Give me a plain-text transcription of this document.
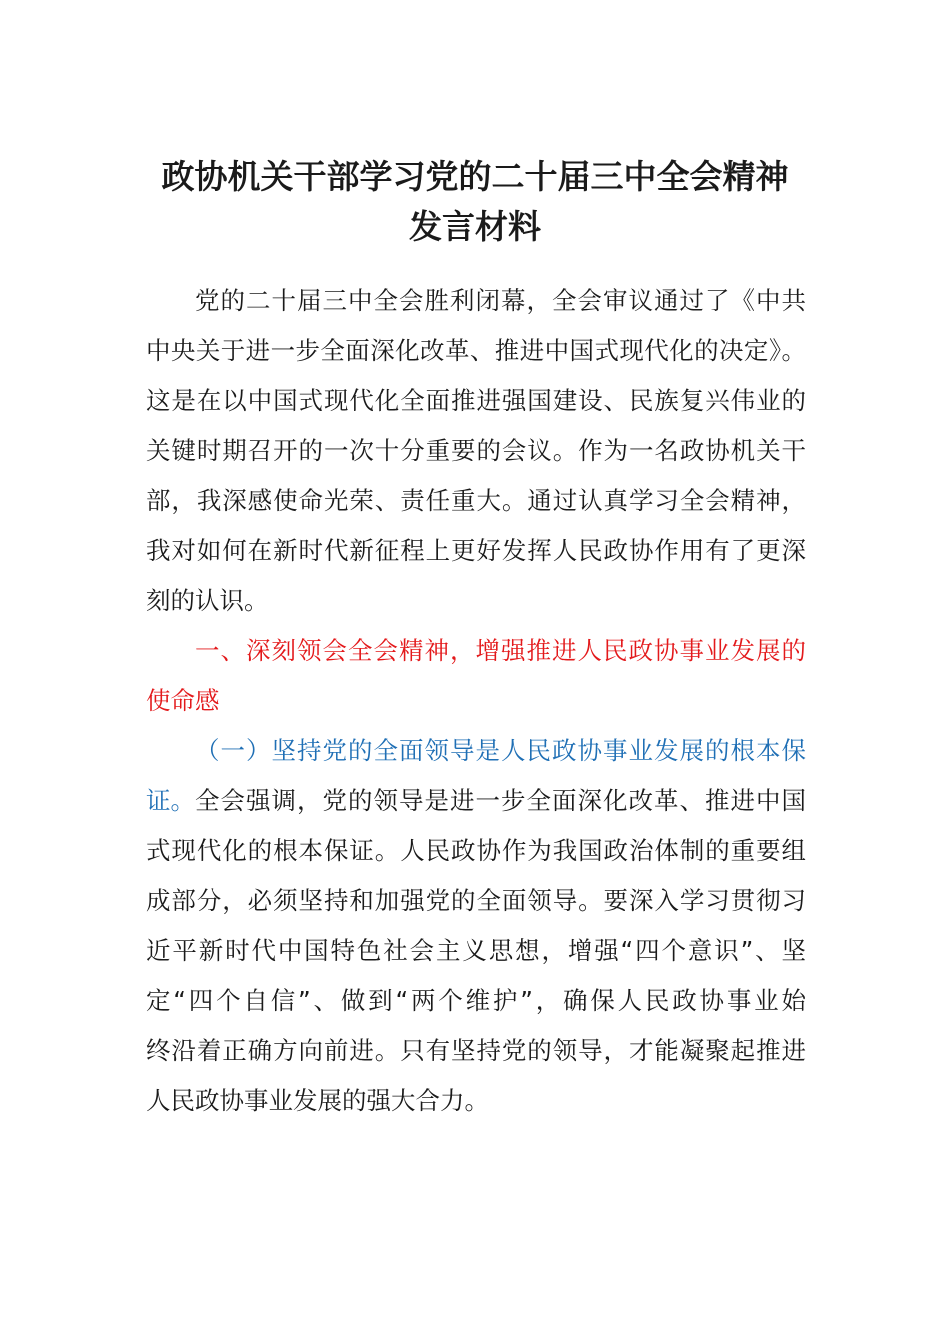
政协机关干部学习党的二十届三中全会精神
发言材料

党的二十届三中全会胜利闭幕，全会审议通过了《中共

中央关于进一步全面深化改革、推进中国式现代化的决定》。

这是在以中国式现代化全面推进强国建设、民族复兴伟业的

关键时期召开的一次十分重要的会议。作为一名政协机关干

部，我深感使命光荣、责任重大。通过认真学习全会精神，

我对如何在新时代新征程上更好发挥人民政协作用有了更深

刻的认识。

一、深刻领会全会精神，增强推进人民政协事业发展的

使命感

（一）坚持党的全面领导是人民政协事业发展的根本保

证。 全会强调，党的领导是进一步全面深化改革、推进中国

式现代化的根本保证。人民政协作为我国政治体制的重要组

成部分，必须坚持和加强党的全面领导。要深入学习贯彻习

近平新时代中国特色社会主义思想，增强“四个意识”、坚

定“四个自信”、做到“两个维护”，确保人民政协事业始

终沿着正确方向前进。只有坚持党的领导，才能凝聚起推进

人民政协事业发展的强大合力。
